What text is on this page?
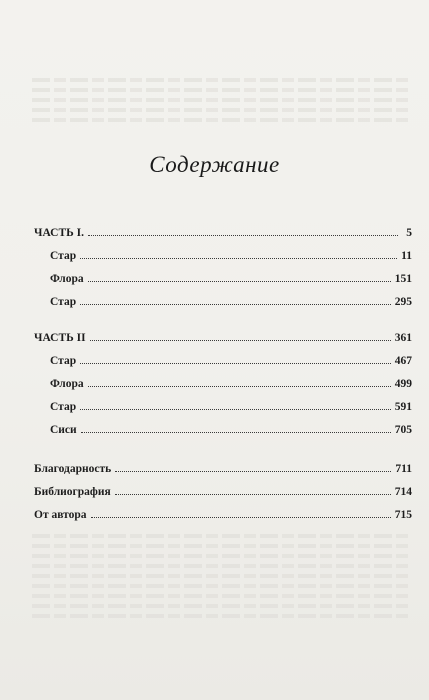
Содержание
ЧАСТЬ I.	5
Стар	11
Флора	151
Стар	295
ЧАСТЬ II	361
Стар	467
Флора	499
Стар	591
Сиси	705
Благодарность	711
Библиография	714
От автора	715
